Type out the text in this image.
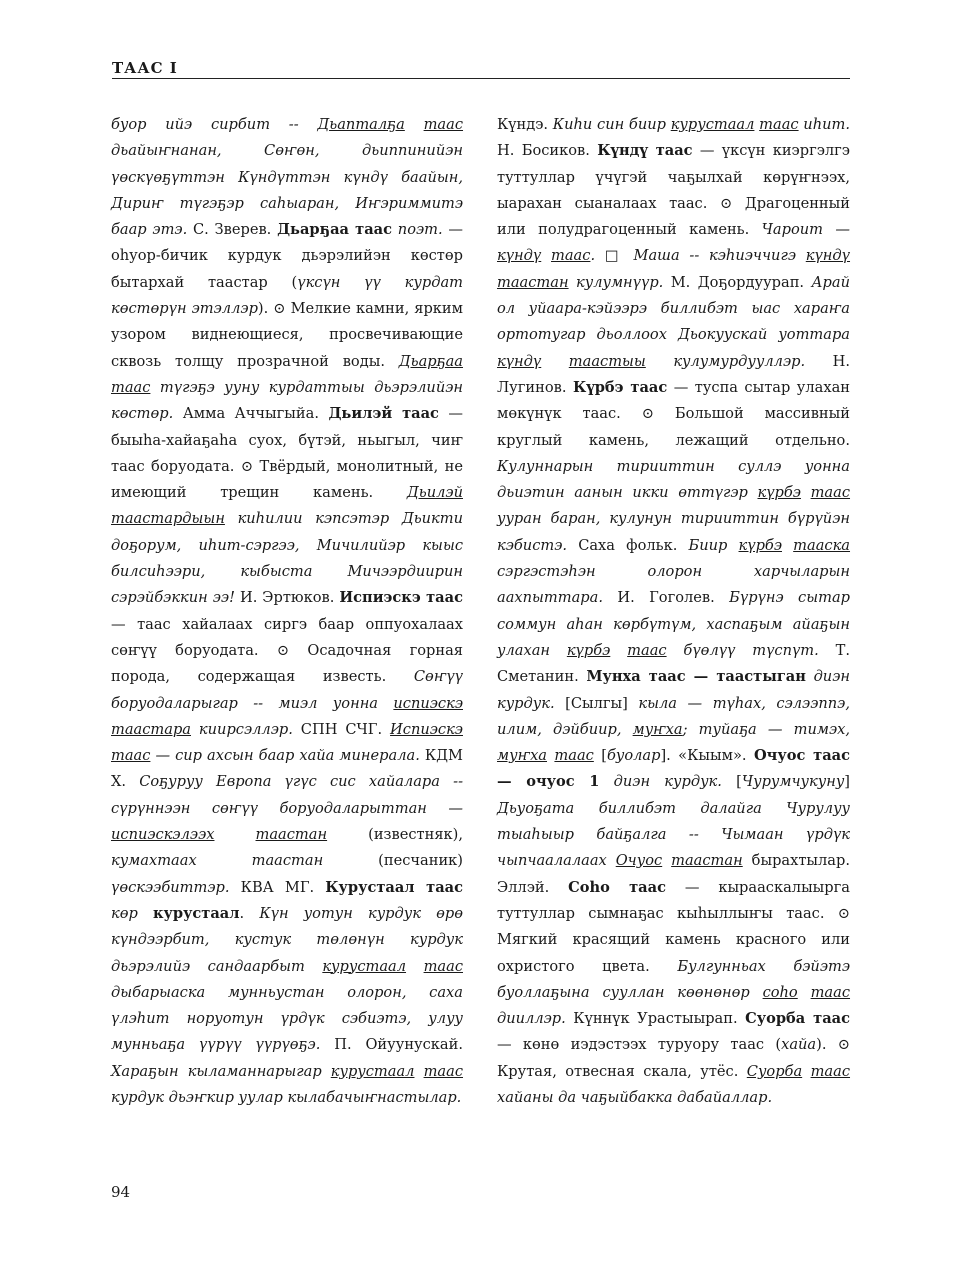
ТААС I

буор ийэ сирбит -- Дьапталҕа таас дьайыҥнанан, Сөҥөн, дьиппинийэн үөскүөҕүттэн Күндүттэн күндү баайын, Дириҥ түгэҕэр саһыаран, Иҥэриммитэ баар этэ. С. Зверев. Дьарҕаа таас поэт. — оһуор-бичик курдук дьэрэлийэн көстөр бытархай таастар (үксүн үү курдат көстөрүн этэллэр). ⊙ Мелкие камни, ярким узором виднеющиеся, просвечивающие сквозь толщу прозрачной воды. Дьарҕаа таас түгэҕэ ууну курдаттыы дьэрэлийэн көстөр. Амма Аччыгыйа. Дьилэй таас — быыһа-хайаҕаһа суох, бүтэй, ньыгыл, чиҥ таас боруодата. ⊙ Твёрдый, монолитный, не имеющий трещин камень. Дьилэй таастардыын киһилии кэпсэтэр Дьикти доҕорум, иһит-сэргээ, Мичилийэр кыыс билсиһээри, кыбыста Мичээрдиирин сэрэйбэккин ээ! И. Эртюков. Испиэскэ таас — таас хайалаах сиргэ баар оппуохалаах сөҥүү боруодата. ⊙ Осадочная горная порода, содержащая известь. Сөҥүү боруодаларыгар -- миэл уонна испиэскэ таастара киирсэллэр. СПН СЧГ. Испиэскэ таас — сир ахсын баар хайа минерала. КДМ Х. Соҕуруу Европа үгүс сис хайалара -- сүрүннээн сөҥүү боруодаларыттан — испиэскэлээх	таастан (известняк), кумахтаах таастан (песчаник) үөскээбиттэр. КВА МГ. Курустаал таас көр курустаал. Күн уотун курдук өрө күндээрбит, кустук төлөнүн курдук дьэрэлийэ сандаарбыт курустаал таас дыбарыаска мунньустан олорон, саха үлэһит норуотун үрдүк сэбиэтэ, улуу мунньаҕа үүрүү үүрүөҕэ. П. Ойуунускай. Хараҕын кыламаннарыгар курустаал таас курдук дьэҥкир уулар кылабачыҥнастылар.

Күндэ. Киһи син биир курустаал таас иһит. Н. Босиков. Күндү таас — үксүн киэргэлгэ туттуллар үчүгэй чаҕылхай көрүҥнээх, ыарахан сыаналаах таас. ⊙ Драгоценный или полудрагоценный камень. Чароит — күндү таас. □ Маша -- кэһиэччигэ күндү таастан кулумнүүр. М. Доҕордуурап. Арай ол уйаара-кэйээрэ биллибэт ыас хараҥа ортотугар дьоллоох Дьокуускай уоттара күндү таастыы кулумурдууллэр. Н. Лугинов. Күрбэ таас — туспа сытар улахан мөкүнүк таас. ⊙ Большой массивный круглый камень, лежащий отдельно. Кулуннарын тирииттин суллэ уонна дьиэтин аанын икки өттүгэр күрбэ таас ууран баран, кулунун тирииттин бүрүйэн кэбистэ. Саха фольк. Биир күрбэ тааска сэргэстэһэн олорон харчыларын аахпыттара. И. Гоголев. Бүрүнэ сытар соммун аһан көрбүтүм, хаспаҕым айаҕын улахан күрбэ таас бүөлүү түспүт. Т. Сметанин. Мунха таас — таастыган диэн курдук. [Сылгы] кыла — түһах, сэлээппэ, илим, дэйбиир, муҥха; туйаҕа — тимэх, муҥха таас [буолар]. «Кыым». Очуос таас — очуос 1 диэн курдук. [Чурумчукуну] Дьуоҕата биллибэт далайга Чурулуу тыаһыыр байҕалга -- Чымаан үрдүк чыпчаалалаах Очуос таастан бырахтылар. Эллэй. Соһо таас — кырааскалыырга туттуллар сымнаҕас кыһыллыҥы таас. ⊙ Мягкий красящий камень красного или охристого цвета. Булгунньах бэйэтэ буоллаҕына сууллан көөнөнөр соһо таас дииллэр. Күннүк Урастыырап. Суорба таас — көнө иэдэстээх туруору таас (хайа). ⊙ Крутая, отвесная скала, утёс. Суорба таас хайаны да чаҕыйбакка дабайаллар.

94
